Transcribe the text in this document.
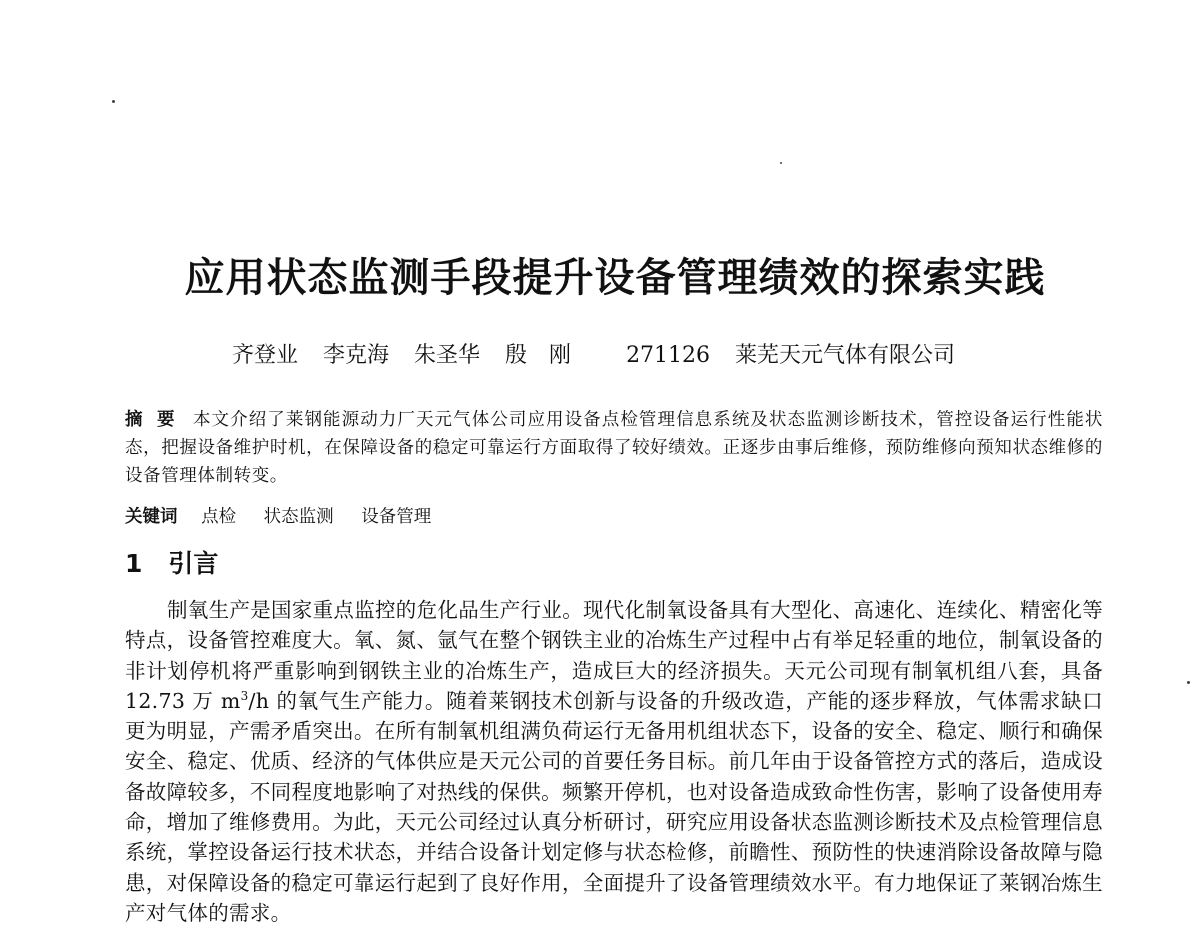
应用状态监测手段提升设备管理绩效的探索实践
齐登业 李克海 朱圣华 殷　刚	271126 莱芜天元气体有限公司
摘要 本文介绍了莱钢能源动力厂天元气体公司应用设备点检管理信息系统及状态监测诊断技术，管控设备运行性能状态，把握设备维护时机，在保障设备的稳定可靠运行方面取得了较好绩效。正逐步由事后维修，预防维修向预知状态维修的设备管理体制转变。
关键词 点检 状态监测 设备管理
1 引言
制氧生产是国家重点监控的危化品生产行业。现代化制氧设备具有大型化、高速化、连续化、精密化等特点，设备管控难度大。氧、氮、氩气在整个钢铁主业的冶炼生产过程中占有举足轻重的地位，制氧设备的非计划停机将严重影响到钢铁主业的冶炼生产，造成巨大的经济损失。天元公司现有制氧机组八套，具备 12.73 万 $m^3/h$ 的氧气生产能力。随着莱钢技术创新与设备的升级改造，产能的逐步释放，气体需求缺口更为明显，产需矛盾突出。在所有制氧机组满负荷运行无备用机组状态下，设备的安全、稳定、顺行和确保安全、稳定、优质、经济的气体供应是天元公司的首要任务目标。前几年由于设备管控方式的落后，造成设备故障较多，不同程度地影响了对热线的保供。频繁开停机，也对设备造成致命性伤害，影响了设备使用寿命，增加了维修费用。为此，天元公司经过认真分析研讨，研究应用设备状态监测诊断技术及点检管理信息系统，掌控设备运行技术状态，并结合设备计划定修与状态检修，前瞻性、预防性的快速消除设备故障与隐患，对保障设备的稳定可靠运行起到了良好作用，全面提升了设备管理绩效水平。有力地保证了莱钢冶炼生产对气体的需求。
